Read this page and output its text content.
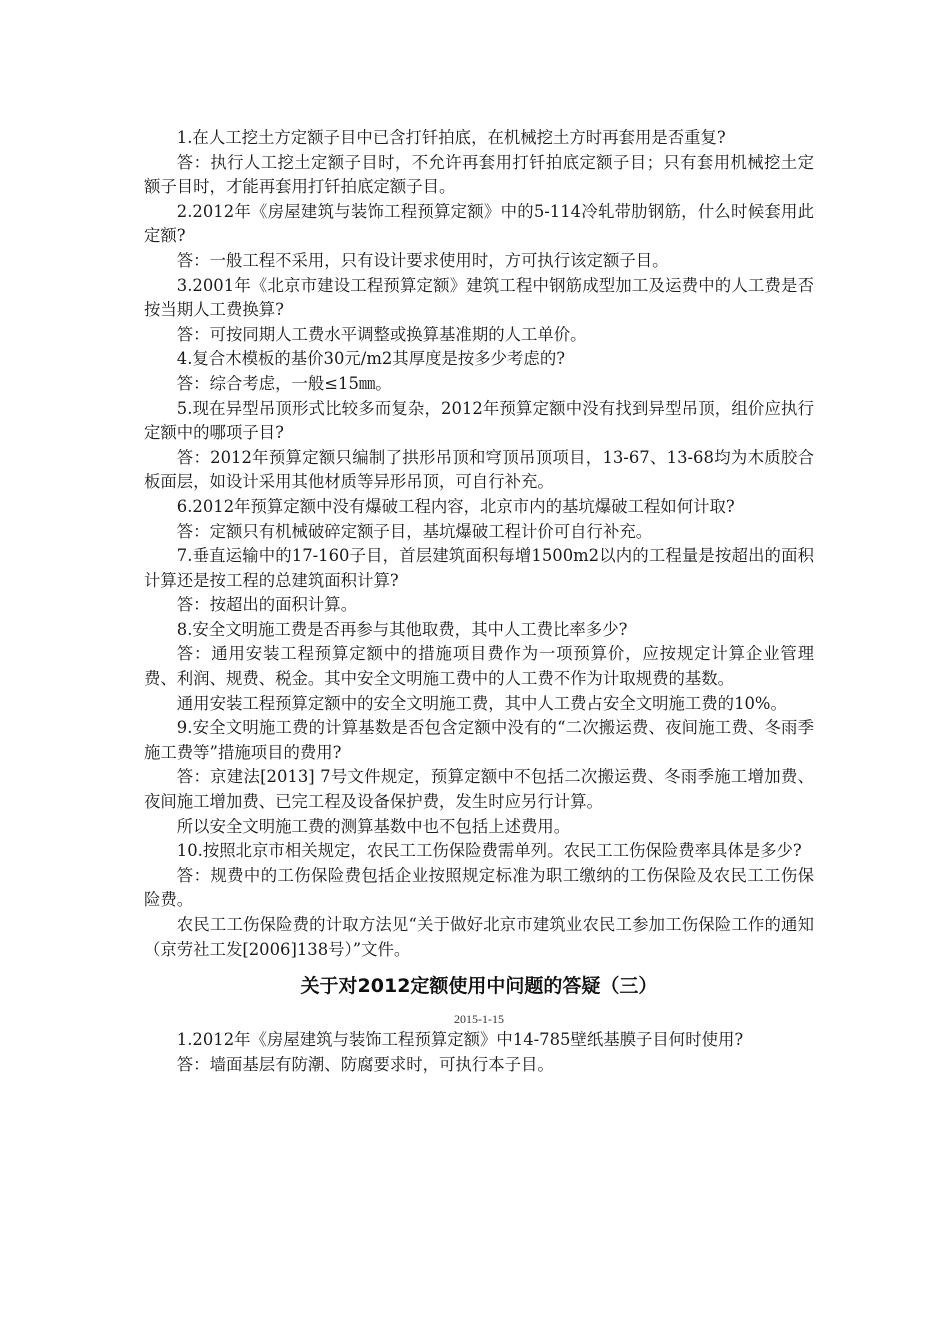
1.在人工挖土方定额子目中已含打钎拍底，在机械挖土方时再套用是否重复?

答：执行人工挖土定额子目时，不允许再套用打钎拍底定额子目；只有套用机械挖土定额子目时，才能再套用打钎拍底定额子目。

2.2012年《房屋建筑与装饰工程预算定额》中的5-114冷轧带肋钢筋，什么时候套用此定额?

答：一般工程不采用，只有设计要求使用时，方可执行该定额子目。

3.2001年《北京市建设工程预算定额》建筑工程中钢筋成型加工及运费中的人工费是否按当期人工费换算?

答：可按同期人工费水平调整或换算基准期的人工单价。

4.复合木模板的基价30元/m2其厚度是按多少考虑的?

答：综合考虑，一般≤15㎜。

5.现在异型吊顶形式比较多而复杂，2012年预算定额中没有找到异型吊顶，组价应执行定额中的哪项子目?

答：2012年预算定额只编制了拱形吊顶和穹顶吊顶项目，13-67、13-68均为木质胶合板面层，如设计采用其他材质等异形吊顶，可自行补充。

6.2012年预算定额中没有爆破工程内容，北京市内的基坑爆破工程如何计取?

答：定额只有机械破碎定额子目，基坑爆破工程计价可自行补充。

7.垂直运输中的17-160子目，首层建筑面积每增1500m2以内的工程量是按超出的面积计算还是按工程的总建筑面积计算?

答：按超出的面积计算。

8.安全文明施工费是否再参与其他取费，其中人工费比率多少?

答：通用安装工程预算定额中的措施项目费作为一项预算价，应按规定计算企业管理费、利润、规费、税金。其中安全文明施工费中的人工费不作为计取规费的基数。

通用安装工程预算定额中的安全文明施工费，其中人工费占安全文明施工费的10%。

9.安全文明施工费的计算基数是否包含定额中没有的“二次搬运费、夜间施工费、冬雨季施工费等”措施项目的费用?

答：京建法[2013] 7号文件规定，预算定额中不包括二次搬运费、冬雨季施工增加费、夜间施工增加费、已完工程及设备保护费，发生时应另行计算。

所以安全文明施工费的测算基数中也不包括上述费用。

10.按照北京市相关规定，农民工工伤保险费需单列。农民工工伤保险费率具体是多少?

答：规费中的工伤保险费包括企业按照规定标准为职工缴纳的工伤保险及农民工工伤保险费。

农民工工伤保险费的计取方法见“关于做好北京市建筑业农民工参加工伤保险工作的通知（京劳社工发[2006]138号）”文件。

关于对2012定额使用中问题的答疑（三）
2015-1-15

1.2012年《房屋建筑与装饰工程预算定额》中14-785壁纸基膜子目何时使用?

答：墙面基层有防潮、防腐要求时，可执行本子目。
